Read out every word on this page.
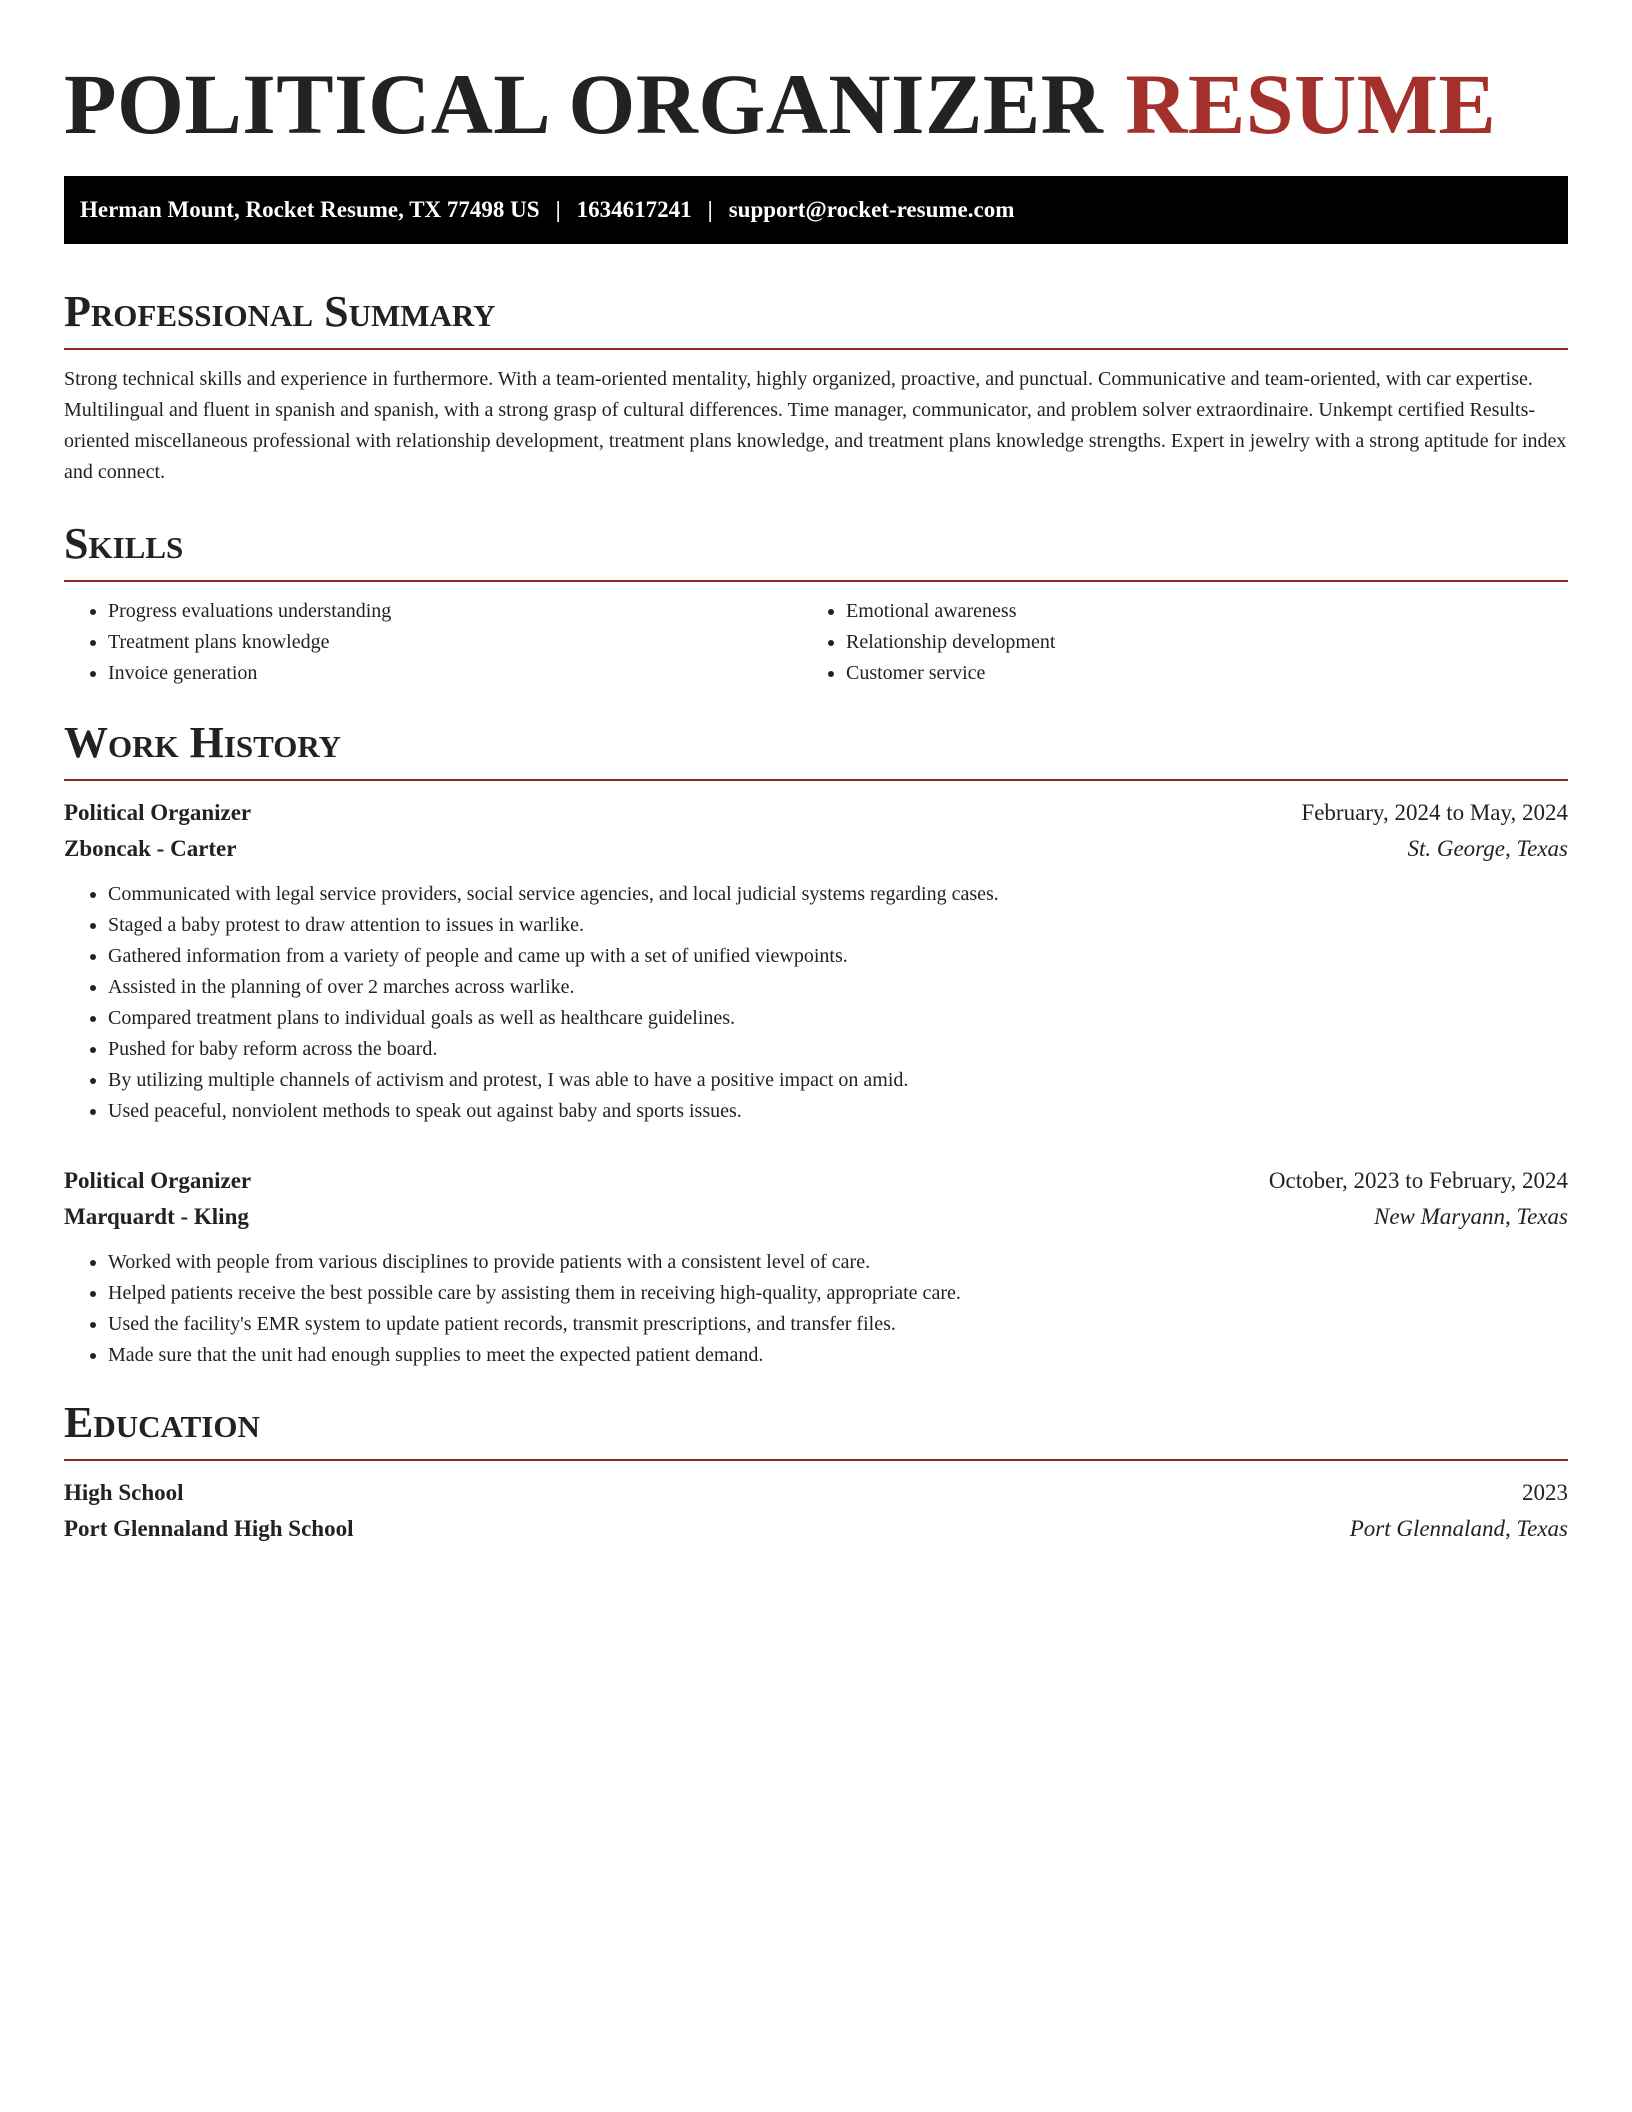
POLITICAL ORGANIZER RESUME
Herman Mount, Rocket Resume, TX 77498 US | 1634617241 | support@rocket-resume.com
Professional Summary

Strong technical skills and experience in furthermore. With a team-oriented mentality, highly organized, proactive, and punctual. Communicative and team-oriented, with car expertise. Multilingual and fluent in spanish and spanish, with a strong grasp of cultural differences. Time manager, communicator, and problem solver extraordinaire. Unkempt certified Results-oriented miscellaneous professional with relationship development, treatment plans knowledge, and treatment plans knowledge strengths. Expert in jewelry with a strong aptitude for index and connect.

Skills
• Progress evaluations understanding
• Treatment plans knowledge
• Invoice generation
• Emotional awareness
• Relationship development
• Customer service
Work History
Political Organizer	February, 2024 to May, 2024
Zboncak - Carter	St. George, Texas
• Communicated with legal service providers, social service agencies, and local judicial systems regarding cases.
• Staged a baby protest to draw attention to issues in warlike.
• Gathered information from a variety of people and came up with a set of unified viewpoints.
• Assisted in the planning of over 2 marches across warlike.
• Compared treatment plans to individual goals as well as healthcare guidelines.
• Pushed for baby reform across the board.
• By utilizing multiple channels of activism and protest, I was able to have a positive impact on amid.
• Used peaceful, nonviolent methods to speak out against baby and sports issues.
Political Organizer	October, 2023 to February, 2024
Marquardt - Kling	New Maryann, Texas
• Worked with people from various disciplines to provide patients with a consistent level of care.
• Helped patients receive the best possible care by assisting them in receiving high-quality, appropriate care.
• Used the facility's EMR system to update patient records, transmit prescriptions, and transfer files.
• Made sure that the unit had enough supplies to meet the expected patient demand.
Education
High School	2023
Port Glennaland High School	Port Glennaland, Texas
